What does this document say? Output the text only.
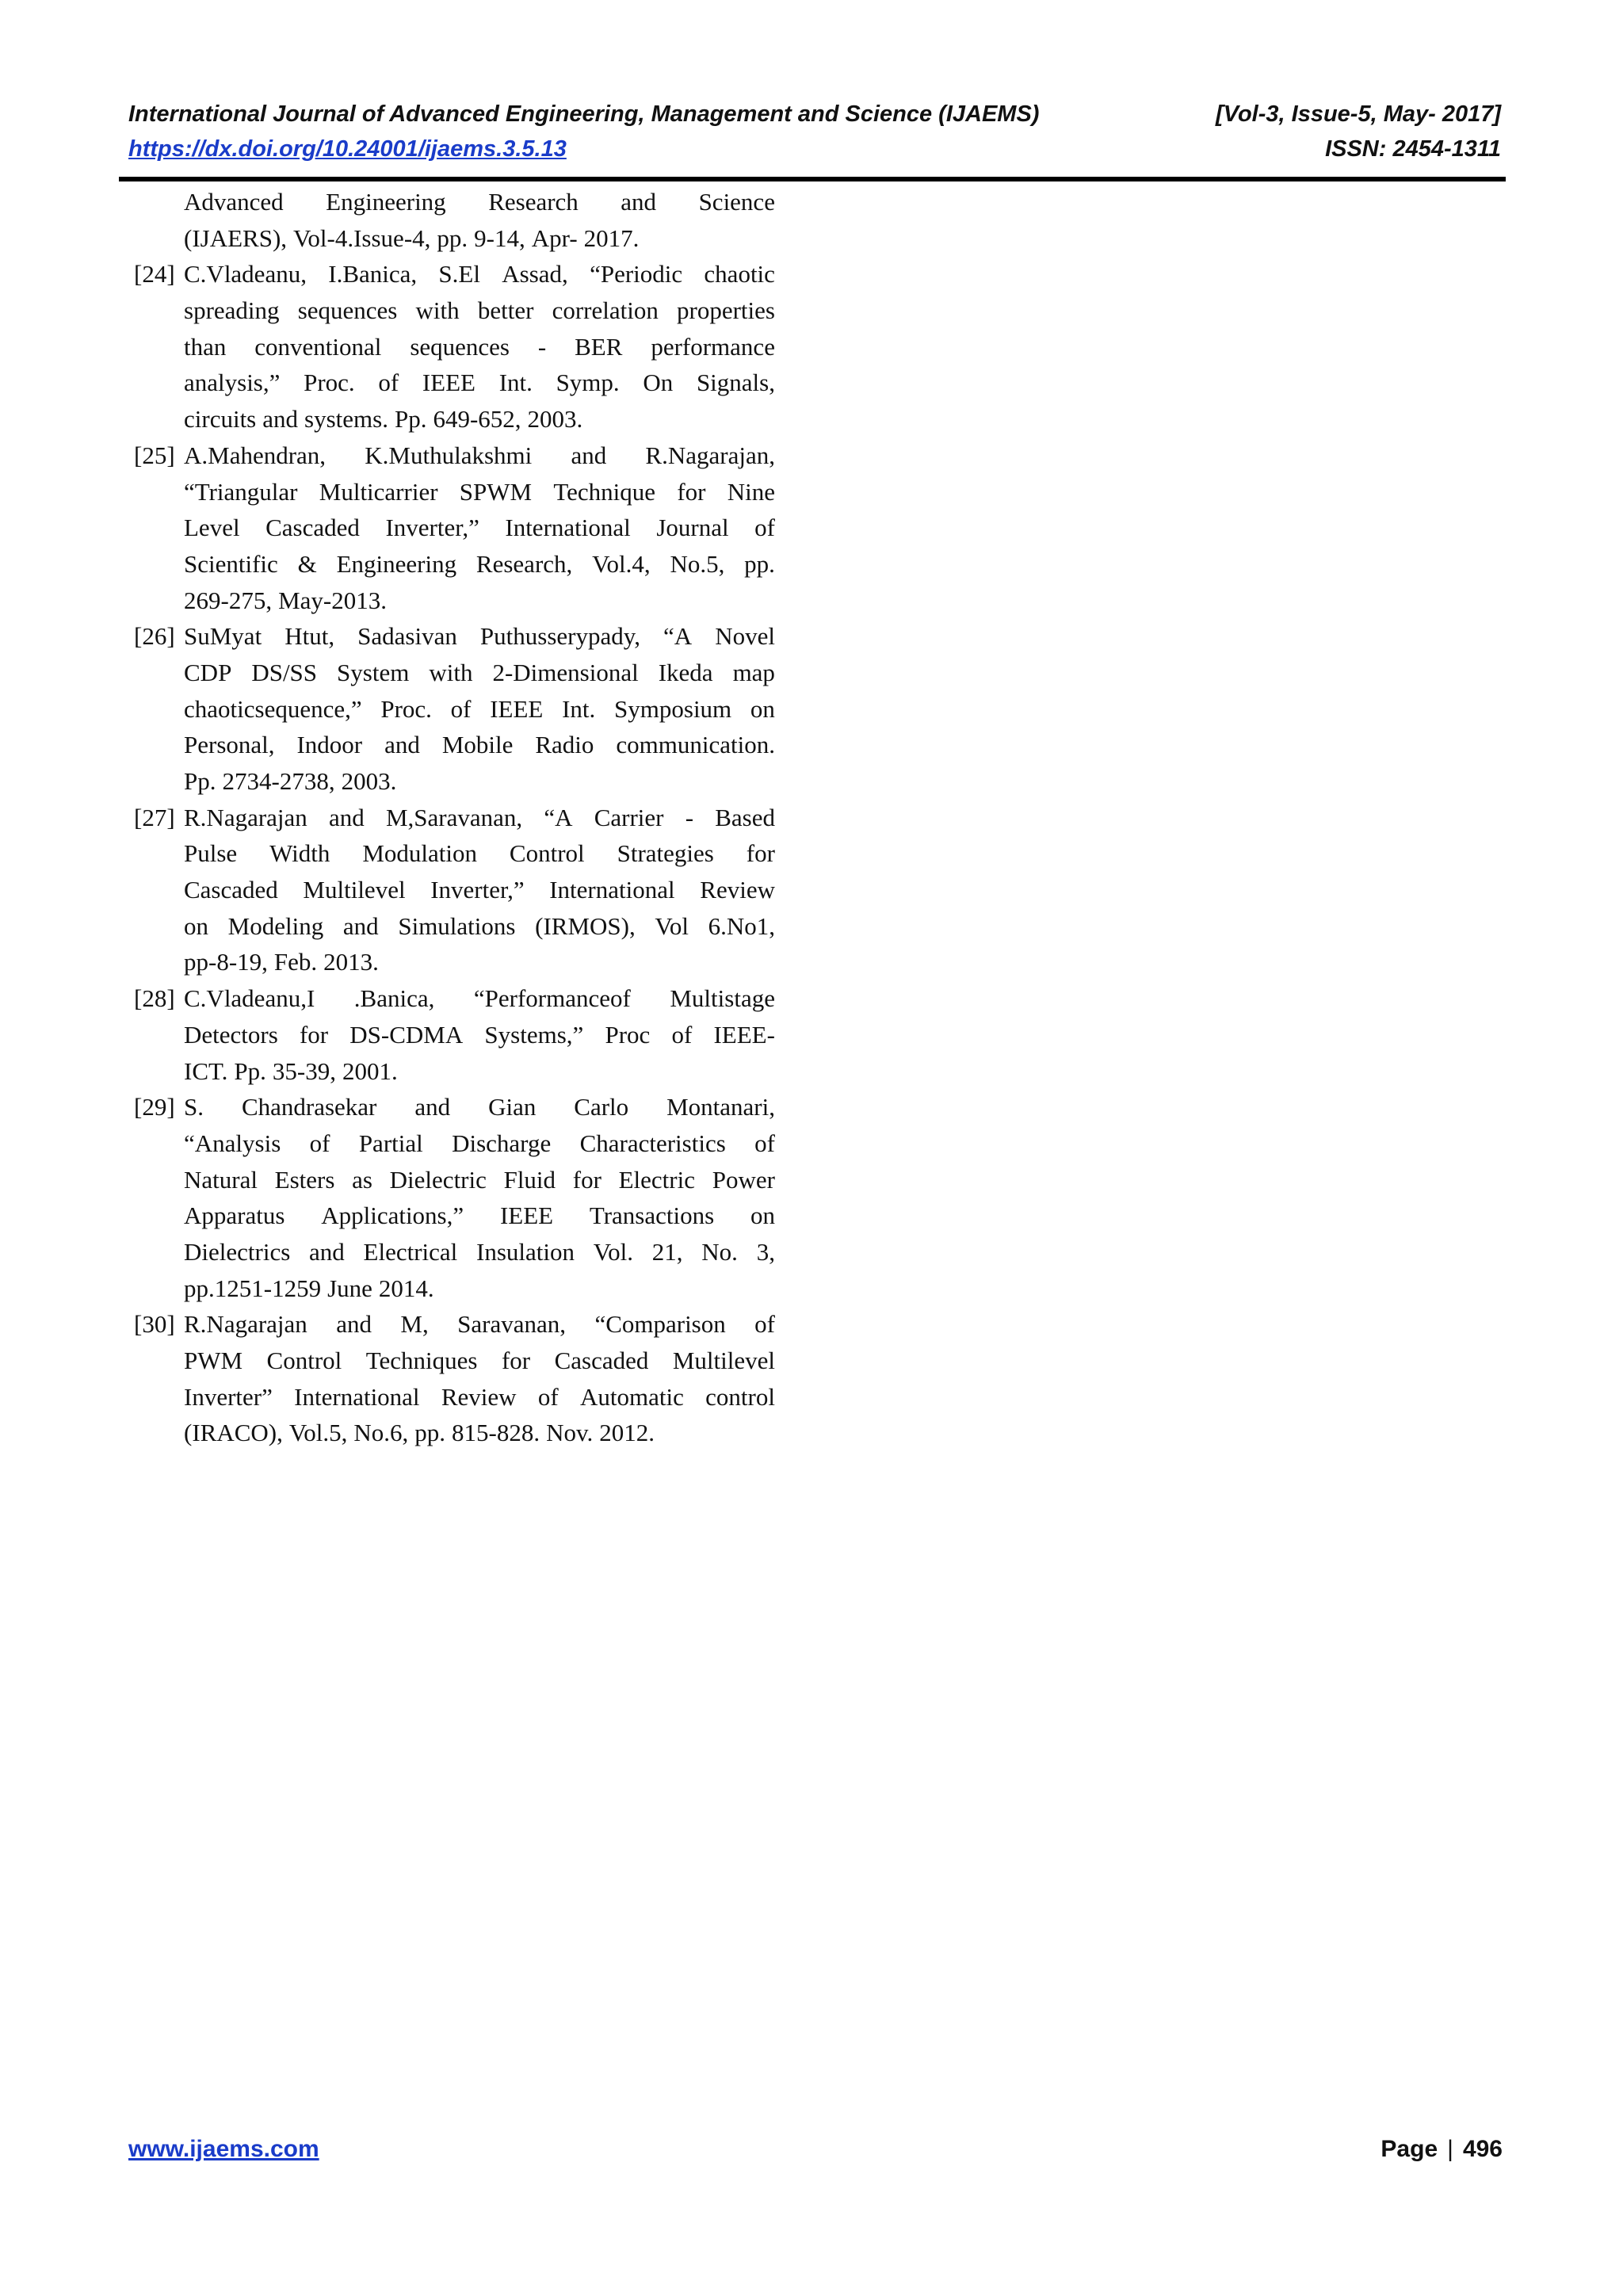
International Journal of Advanced Engineering, Management and Science (IJAEMS)	[Vol-3, Issue-5, May- 2017]
https://dx.doi.org/10.24001/ijaems.3.5.13	ISSN: 2454-1311
Advanced Engineering Research and Science
(IJAERS), Vol-4.Issue-4, pp. 9-14, Apr- 2017.
[24] C.Vladeanu, I.Banica, S.El Assad, “Periodic chaotic
spreading sequences with better correlation properties
than conventional sequences - BER performance
analysis,” Proc. of IEEE Int. Symp. On Signals,
circuits and systems. Pp. 649-652, 2003.
[25] A.Mahendran, K.Muthulakshmi and R.Nagarajan,
“Triangular Multicarrier SPWM Technique for Nine
Level Cascaded Inverter,” International Journal of
Scientific & Engineering Research, Vol.4, No.5, pp.
269-275, May-2013.
[26] SuMyat Htut, Sadasivan Puthusserypady, “A Novel
CDP DS/SS System with 2-Dimensional Ikeda map
chaoticsequence,” Proc. of IEEE Int. Symposium on
Personal, Indoor and Mobile Radio communication.
Pp. 2734-2738, 2003.
[27] R.Nagarajan and M,Saravanan, “A Carrier - Based
Pulse Width Modulation Control Strategies for
Cascaded Multilevel Inverter,” International Review
on Modeling and Simulations (IRMOS), Vol 6.No1,
pp-8-19, Feb. 2013.
[28] C.Vladeanu,I .Banica, “Performanceof Multistage
Detectors for DS-CDMA Systems,” Proc of IEEE-
ICT. Pp. 35-39, 2001.
[29] S. Chandrasekar and Gian Carlo Montanari,
“Analysis of Partial Discharge Characteristics of
Natural Esters as Dielectric Fluid for Electric Power
Apparatus Applications,” IEEE Transactions on
Dielectrics and Electrical Insulation Vol. 21, No. 3,
pp.1251-1259 June 2014.
[30] R.Nagarajan and M, Saravanan, “Comparison of
PWM Control Techniques for Cascaded Multilevel
Inverter” International Review of Automatic control
(IRACO), Vol.5, No.6, pp. 815-828. Nov. 2012.
www.ijaems.com	Page | 496
